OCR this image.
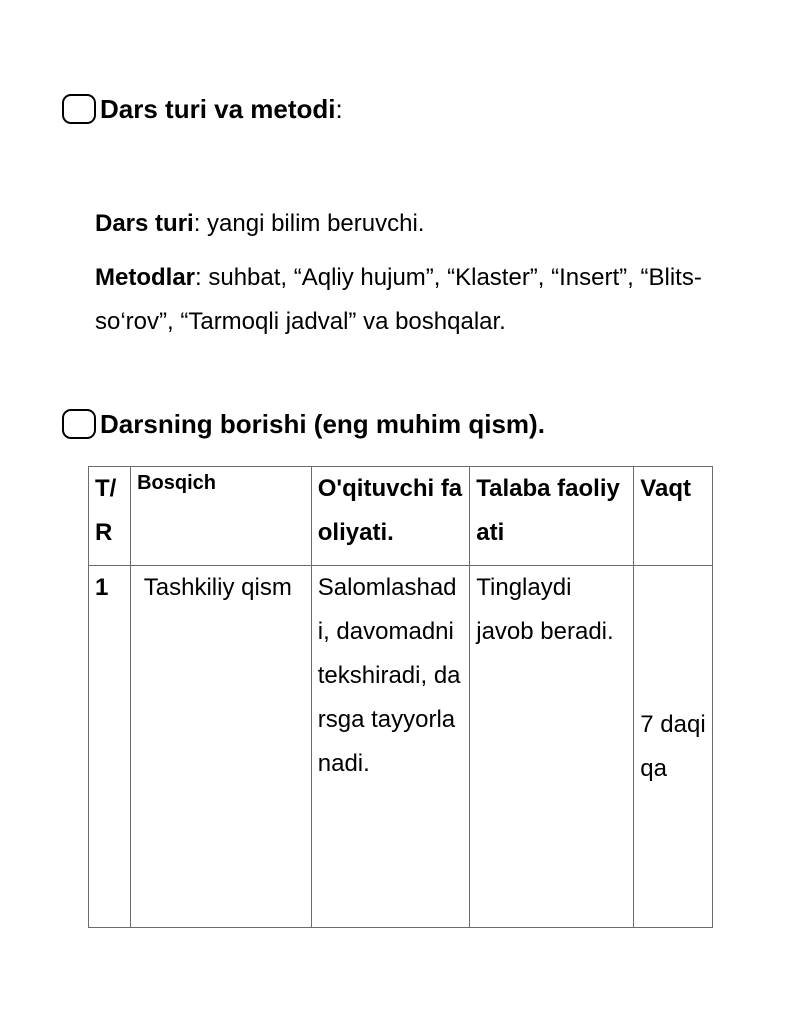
Dars turi va metodi :
Dars turi: yangi bilim beruvchi.
Metodlar: suhbat, “Aqliy hujum”, “Klaster”, “Insert”, “Blits-so‘rov”, “Tarmoqli jadval” va boshqalar.
Darsning borishi (eng muhim qism).
T/R	Bosqich	O'qituvchi faoliyati.	Talaba faoliyati	Vaqt
1	Tashkiliy qism	Salomlashadi, davomadni tekshiradi, darsga tayyorlanadi.	Tinglaydi javob beradi.	7 daqiqa
